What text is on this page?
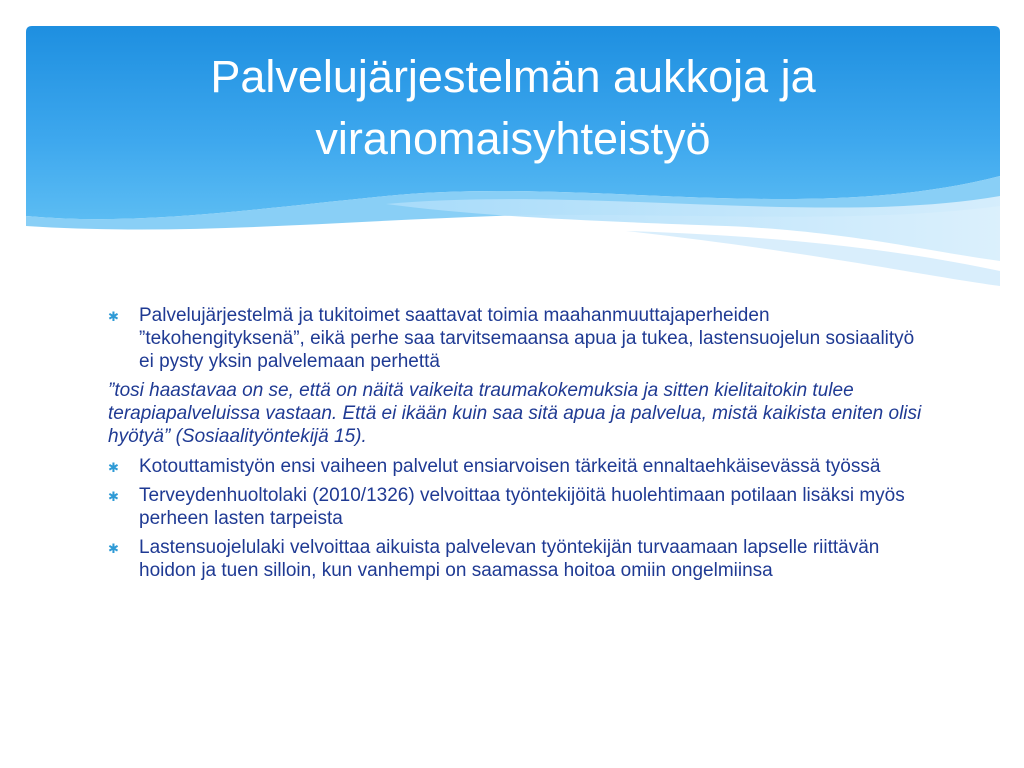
Palvelujärjestelmän aukkoja ja
viranomaisyhteistyö
✱ Palvelujärjestelmä ja tukitoimet saattavat toimia maahanmuuttajaperheiden ”tekohengityksenä”, eikä perhe saa tarvitsemaansa apua ja tukea, lastensuojelun sosiaalityö ei pysty yksin palvelemaan perhettä
”tosi haastavaa on se, että on näitä vaikeita traumakokemuksia ja sitten kielitaitokin tulee terapiapalveluissa vastaan. Että ei ikään kuin saa sitä apua ja palvelua, mistä kaikista eniten olisi hyötyä” (Sosiaalityöntekijä 15).
✱ Kotouttamistyön ensi vaiheen palvelut ensiarvoisen tärkeitä ennaltaehkäisevässä työssä
✱ Terveydenhuoltolaki (2010/1326) velvoittaa työntekijöitä huolehtimaan potilaan lisäksi myös perheen lasten tarpeista
✱ Lastensuojelulaki velvoittaa aikuista palvelevan työntekijän turvaamaan lapselle riittävän hoidon ja tuen silloin, kun vanhempi on saamassa hoitoa omiin ongelmiinsa
